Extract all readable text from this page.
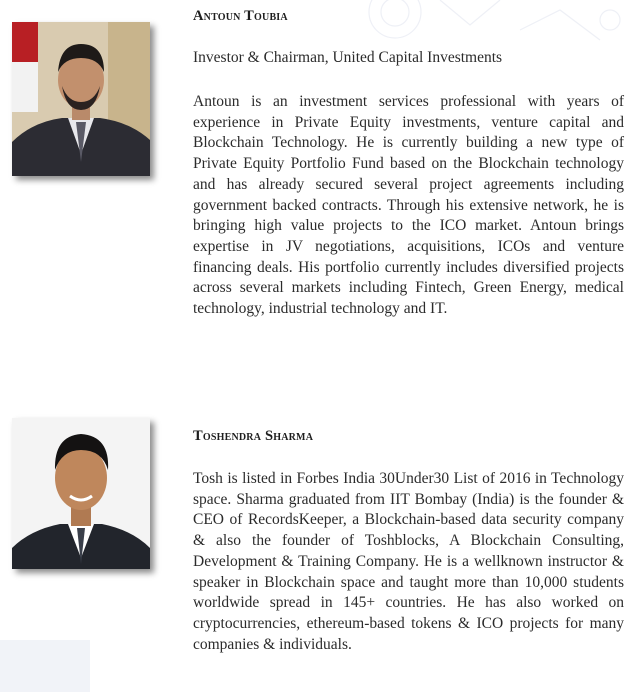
Antoun Toubia

Investor & Chairman, United Capital Investments

Antoun is an investment services professional with years of experience in Private Equity investments, venture capital and Blockchain Technology. He is currently building a new type of Private Equity Portfolio Fund based on the Blockchain technology and has already secured several project agreements including government backed contracts. Through his extensive network, he is bringing high value projects to the ICO market. Antoun brings expertise in JV negotiations, acquisitions, ICOs and venture financing deals. His portfolio currently includes diversified projects across several markets including Fintech, Green Energy, medical technology, industrial technology and IT.

Toshendra Sharma

Tosh is listed in Forbes India 30Under30 List of 2016 in Technology space. Sharma graduated from IIT Bombay (India) is the founder & CEO of RecordsKeeper, a Blockchain-based data security company & also the founder of Toshblocks, A Blockchain Consulting, Development & Training Company. He is a wellknown instructor & speaker in Blockchain space and taught more than 10,000 students worldwide spread in 145+ countries. He has also worked on cryptocurrencies, ethereum-based tokens & ICO projects for many companies & individuals.
